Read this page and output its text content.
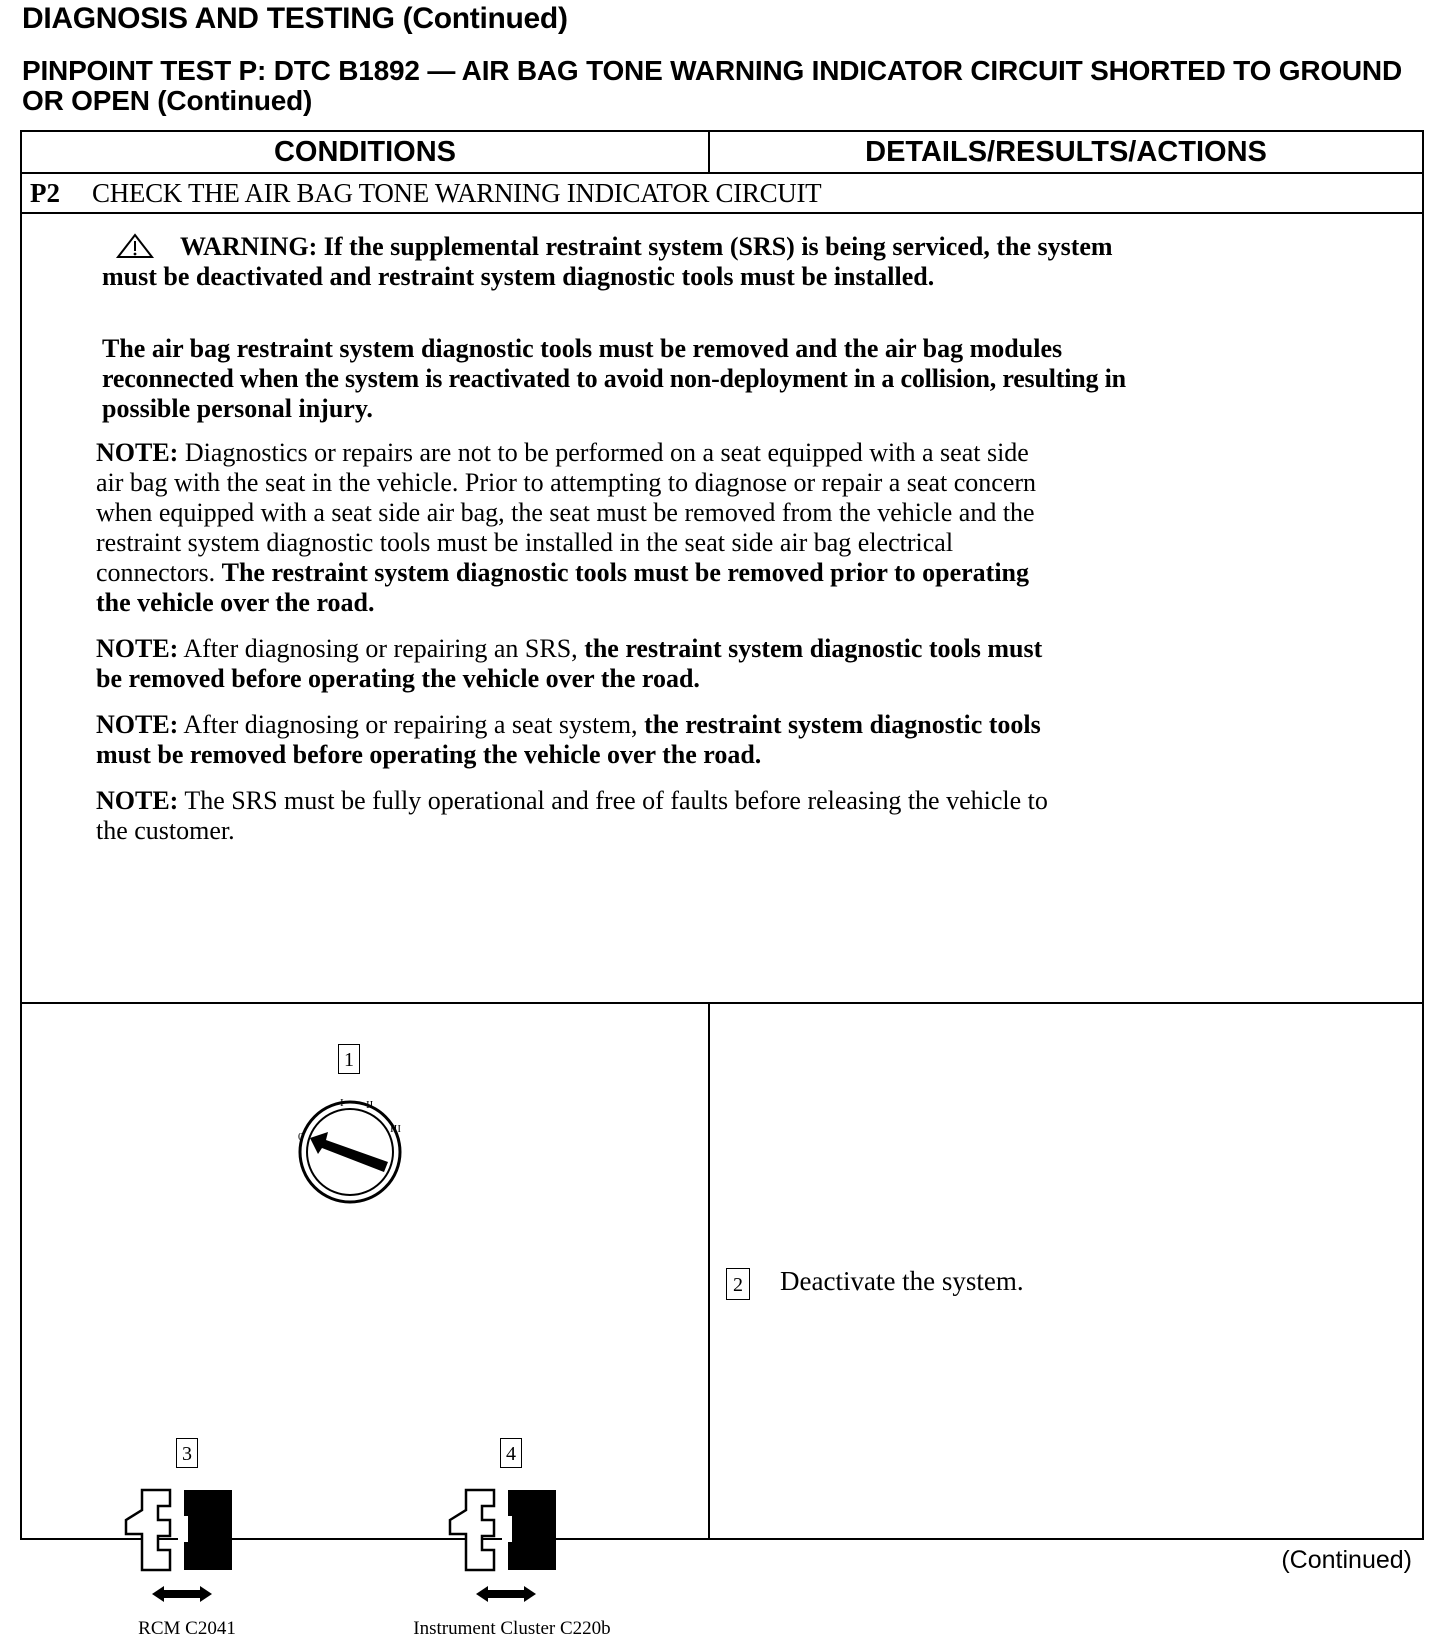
DIAGNOSIS AND TESTING (Continued)
PINPOINT TEST P: DTC B1892 — AIR BAG TONE WARNING INDICATOR CIRCUIT SHORTED TO GROUND OR OPEN (Continued)
CONDITIONS	DETAILS/RESULTS/ACTIONS
P2 CHECK THE AIR BAG TONE WARNING INDICATOR CIRCUIT
WARNING: If the supplemental restraint system (SRS) is being serviced, the system
must be deactivated and restraint system diagnostic tools must be installed.
The air bag restraint system diagnostic tools must be removed and the air bag modules
reconnected when the system is reactivated to avoid non-deployment in a collision, resulting in
possible personal injury.
NOTE: Diagnostics or repairs are not to be performed on a seat equipped with a seat side
air bag with the seat in the vehicle. Prior to attempting to diagnose or repair a seat concern
when equipped with a seat side air bag, the seat must be removed from the vehicle and the
restraint system diagnostic tools must be installed in the seat side air bag electrical
connectors. The restraint system diagnostic tools must be removed prior to operating
the vehicle over the road.
NOTE: After diagnosing or repairing an SRS, the restraint system diagnostic tools must
be removed before operating the vehicle over the road.
NOTE: After diagnosing or repairing a seat system, the restraint system diagnostic tools
must be removed before operating the vehicle over the road.
NOTE: The SRS must be fully operational and free of faults before releasing the vehicle to
the customer.
1
0
I II
III
3
RCM C2041
4
Instrument Cluster C220b
2 Deactivate the system.
(Continued)
